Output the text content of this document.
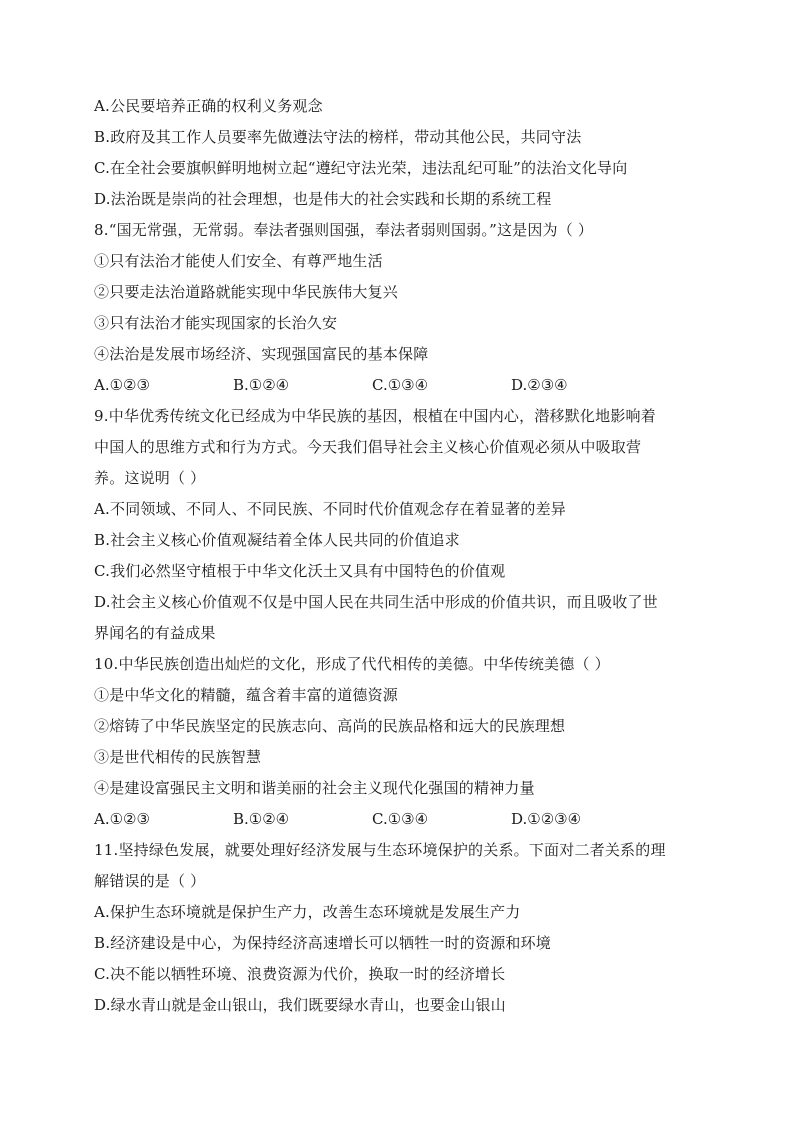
A.公民要培养正确的权利义务观念
B.政府及其工作人员要率先做遵法守法的榜样，带动其他公民，共同守法
C.在全社会要旗帜鲜明地树立起“遵纪守法光荣，违法乱纪可耻”的法治文化导向
D.法治既是崇尚的社会理想，也是伟大的社会实践和长期的系统工程
8.“国无常强，无常弱。奉法者强则国强，奉法者弱则国弱。”这是因为（ ）
①只有法治才能使人们安全、有尊严地生活
②只要走法治道路就能实现中华民族伟大复兴
③只有法治才能实现国家的长治久安
④法治是发展市场经济、实现强国富民的基本保障
A.①②③	B.①②④	C.①③④	D.②③④
9.中华优秀传统文化已经成为中华民族的基因，根植在中国内心，潜移默化地影响着
中国人的思维方式和行为方式。今天我们倡导社会主义核心价值观必须从中吸取营
养。这说明（ ）
A.不同领域、不同人、不同民族、不同时代价值观念存在着显著的差异
B.社会主义核心价值观凝结着全体人民共同的价值追求
C.我们必然坚守植根于中华文化沃土又具有中国特色的价值观
D.社会主义核心价值观不仅是中国人民在共同生活中形成的价值共识，而且吸收了世
界闻名的有益成果
10.中华民族创造出灿烂的文化，形成了代代相传的美德。中华传统美德（ ）
①是中华文化的精髓，蕴含着丰富的道德资源
②熔铸了中华民族坚定的民族志向、高尚的民族品格和远大的民族理想
③是世代相传的民族智慧
④是建设富强民主文明和谐美丽的社会主义现代化强国的精神力量
A.①②③	B.①②④	C.①③④	D.①②③④
11.坚持绿色发展，就要处理好经济发展与生态环境保护的关系。下面对二者关系的理
解错误的是（ ）
A.保护生态环境就是保护生产力，改善生态环境就是发展生产力
B.经济建设是中心，为保持经济高速增长可以牺牲一时的资源和环境
C.决不能以牺牲环境、浪费资源为代价，换取一时的经济增长
D.绿水青山就是金山银山，我们既要绿水青山，也要金山银山
